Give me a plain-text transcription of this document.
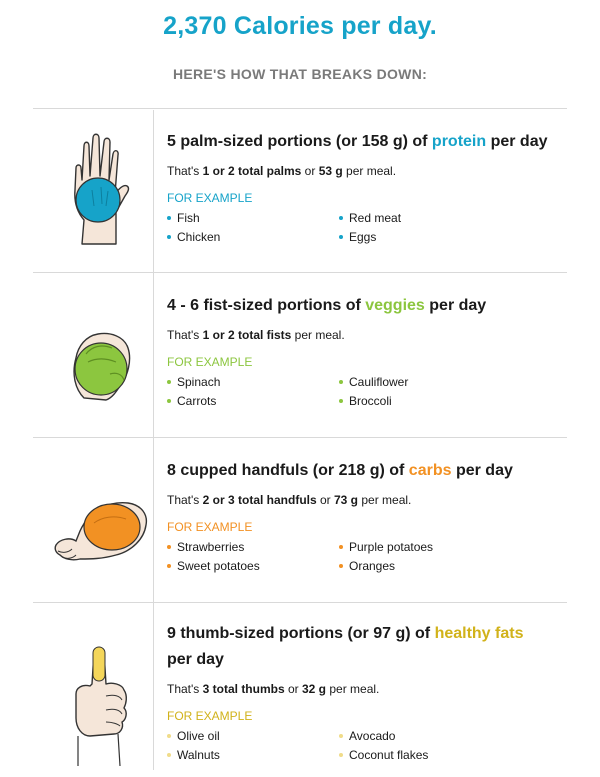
2,370 Calories per day.
HERE'S HOW THAT BREAKS DOWN:
5 palm-sized portions (or 158 g) of protein per day
That's 1 or 2 total palms or 53 g per meal.
FOR EXAMPLE
Fish	Red meat
Chicken	Eggs
4 - 6 fist-sized portions of veggies per day
That's 1 or 2 total fists per meal.
FOR EXAMPLE
Spinach	Cauliflower
Carrots	Broccoli
8 cupped handfuls (or 218 g) of carbs per day
That's 2 or 3 total handfuls or 73 g per meal.
FOR EXAMPLE
Strawberries	Purple potatoes
Sweet potatoes	Oranges
9 thumb-sized portions (or 97 g) of healthy fats per day
That's 3 total thumbs or 32 g per meal.
FOR EXAMPLE
Olive oil	Avocado
Walnuts	Coconut flakes
